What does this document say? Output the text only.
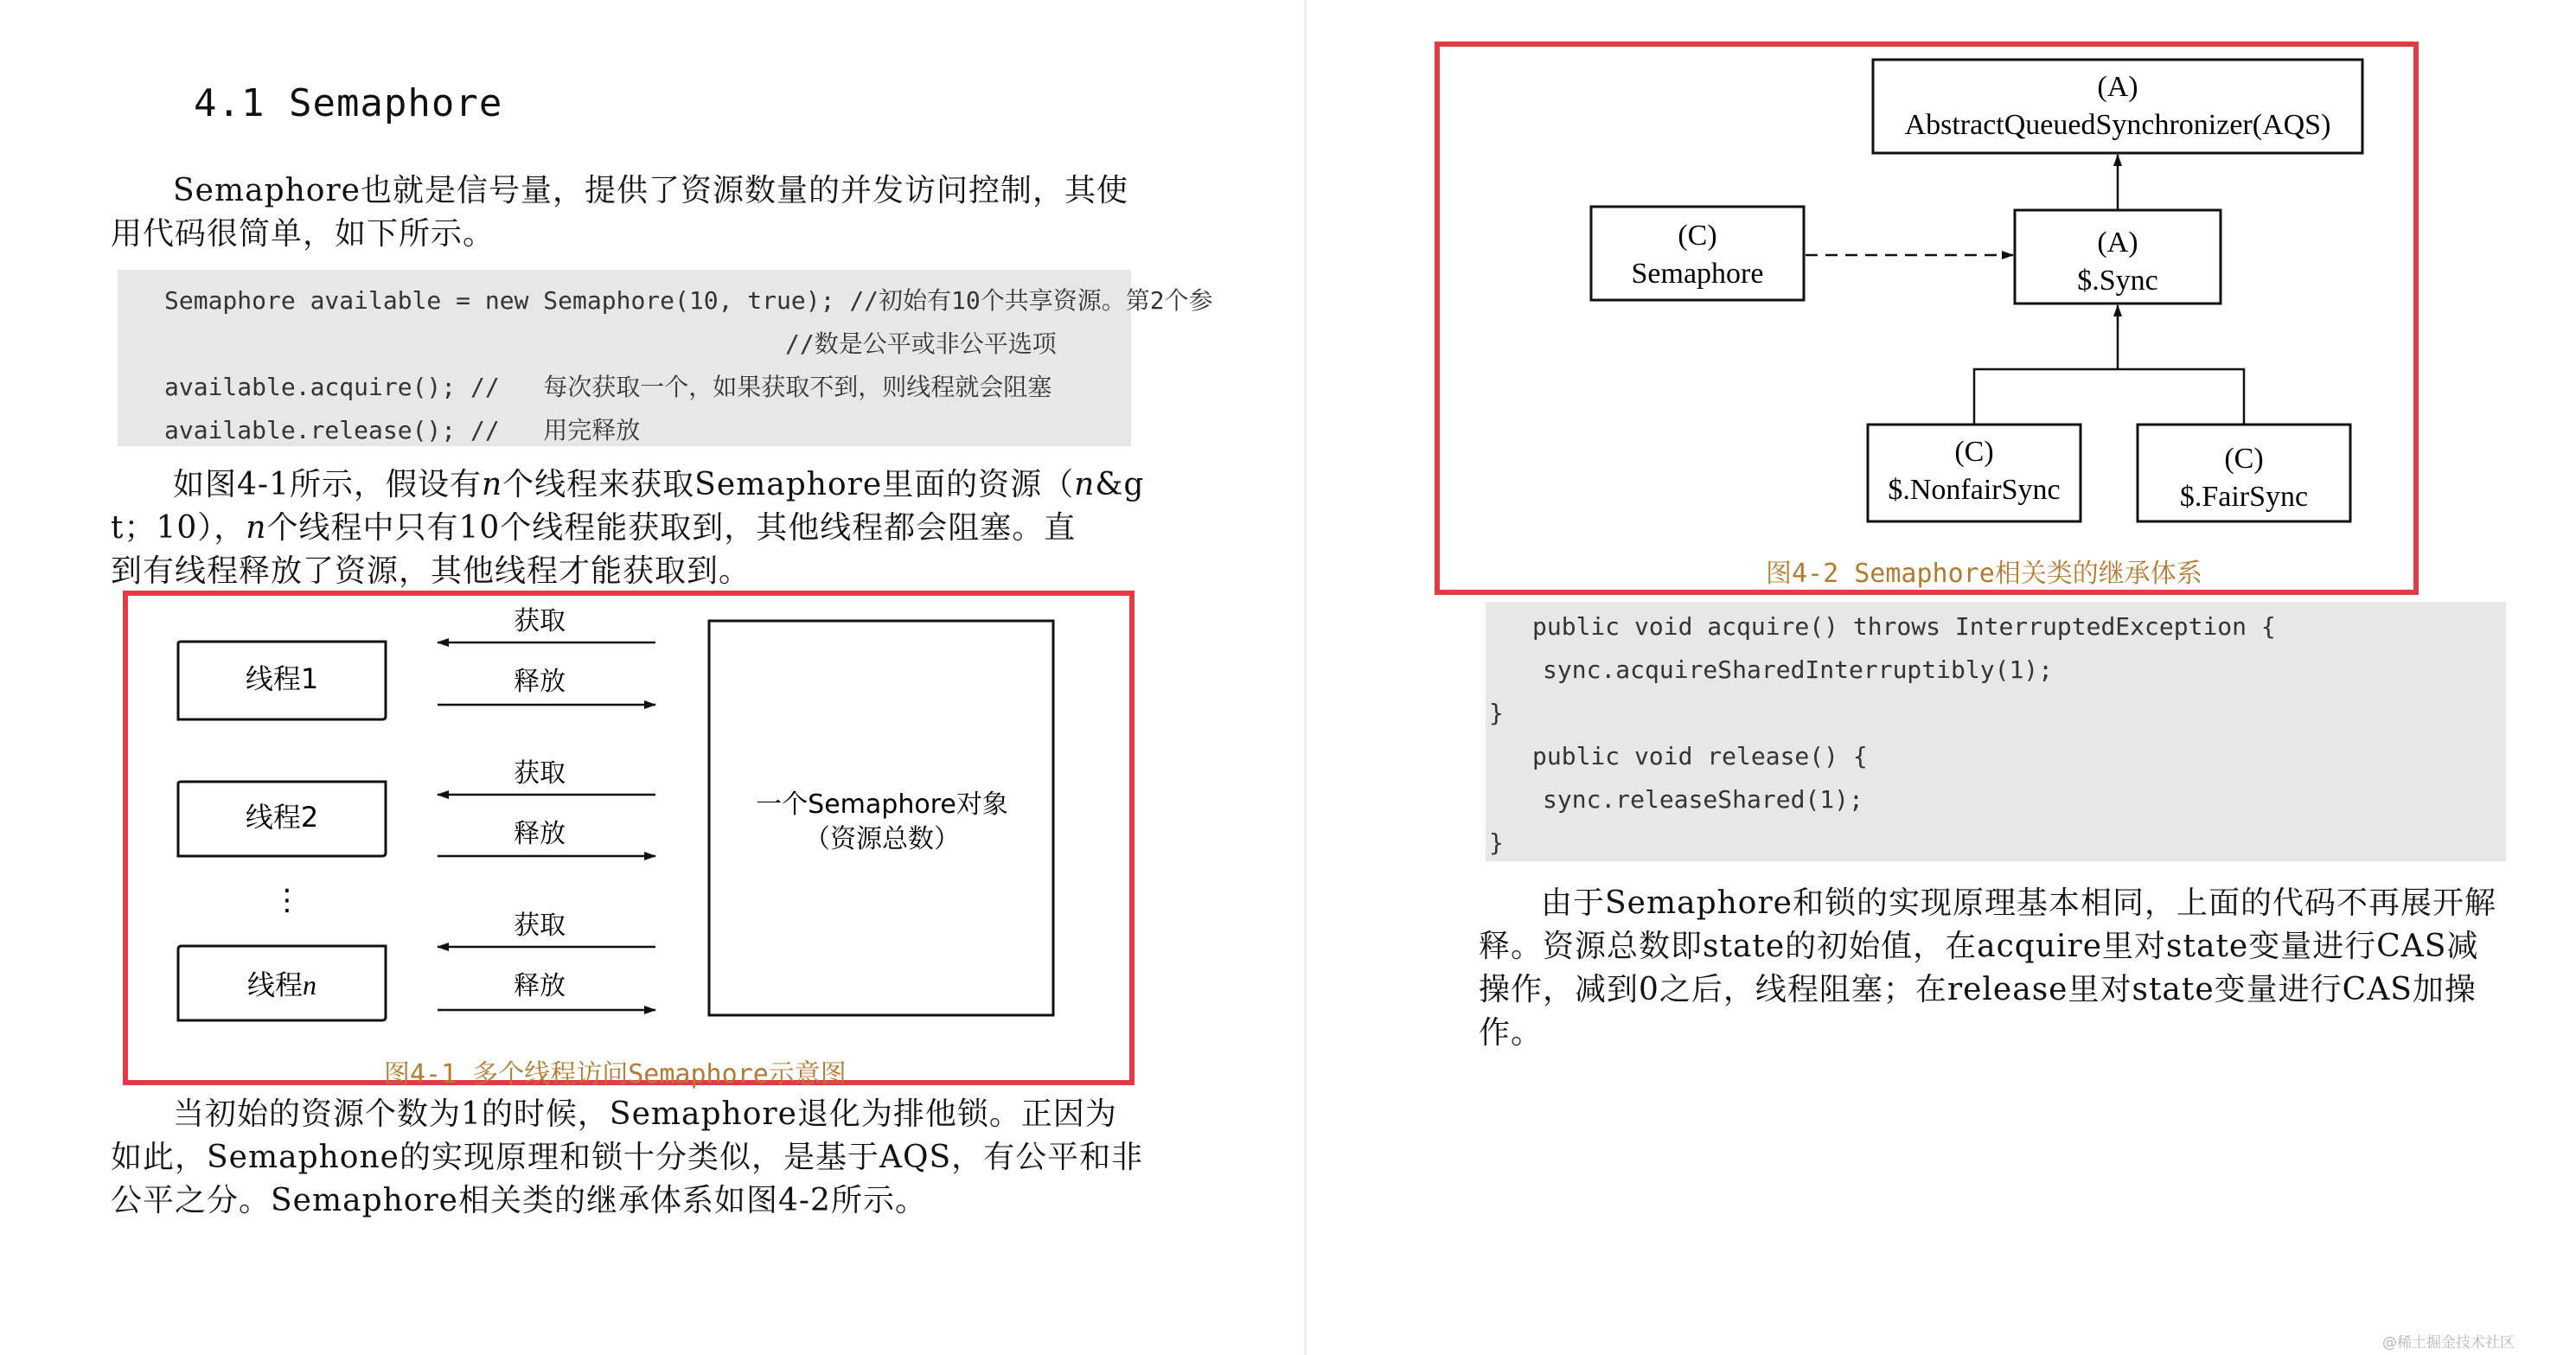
4.1 Semaphore

Semaphore也就是信号量，提供了资源数量的并发访问控制，其使
用代码很简单，如下所示。

Semaphore available = new Semaphore(10, true); //初始有10个共享资源。第2个参
//数是公平或非公平选项
available.acquire(); //   每次获取一个，如果获取不到，则线程就会阻塞
available.release(); //   用完释放

如图4-1所示，假设有n个线程来获取Semaphore里面的资源（n&g
t；10），n个线程中只有10个线程能获取到，其他线程都会阻塞。直
到有线程释放了资源，其他线程才能获取到。

线程1
线程2
⋮
线程n
获取
释放
获取
释放
获取
释放
一个Semaphore对象
（资源总数）
图4-1 多个线程访问Semaphore示意图

当初始的资源个数为1的时候，Semaphore退化为排他锁。正因为
如此，Semaphone的实现原理和锁十分类似，是基于AQS，有公平和非
公平之分。Semaphore相关类的继承体系如图4-2所示。

(A)
AbstractQueuedSynchronizer(AQS)
(A)
$.Sync
(C)
Semaphore
(C)
$.NonfairSync
(C)
$.FairSync
图4-2 Semaphore相关类的继承体系
public void acquire() throws InterruptedException {
sync.acquireSharedInterruptibly(1);
}
public void release() {
sync.releaseShared(1);
}

由于Semaphore和锁的实现原理基本相同，上面的代码不再展开解
释。资源总数即state的初始值，在acquire里对state变量进行CAS减
操作，减到0之后，线程阻塞；在release里对state变量进行CAS加操
作。

@稀土掘金技术社区
